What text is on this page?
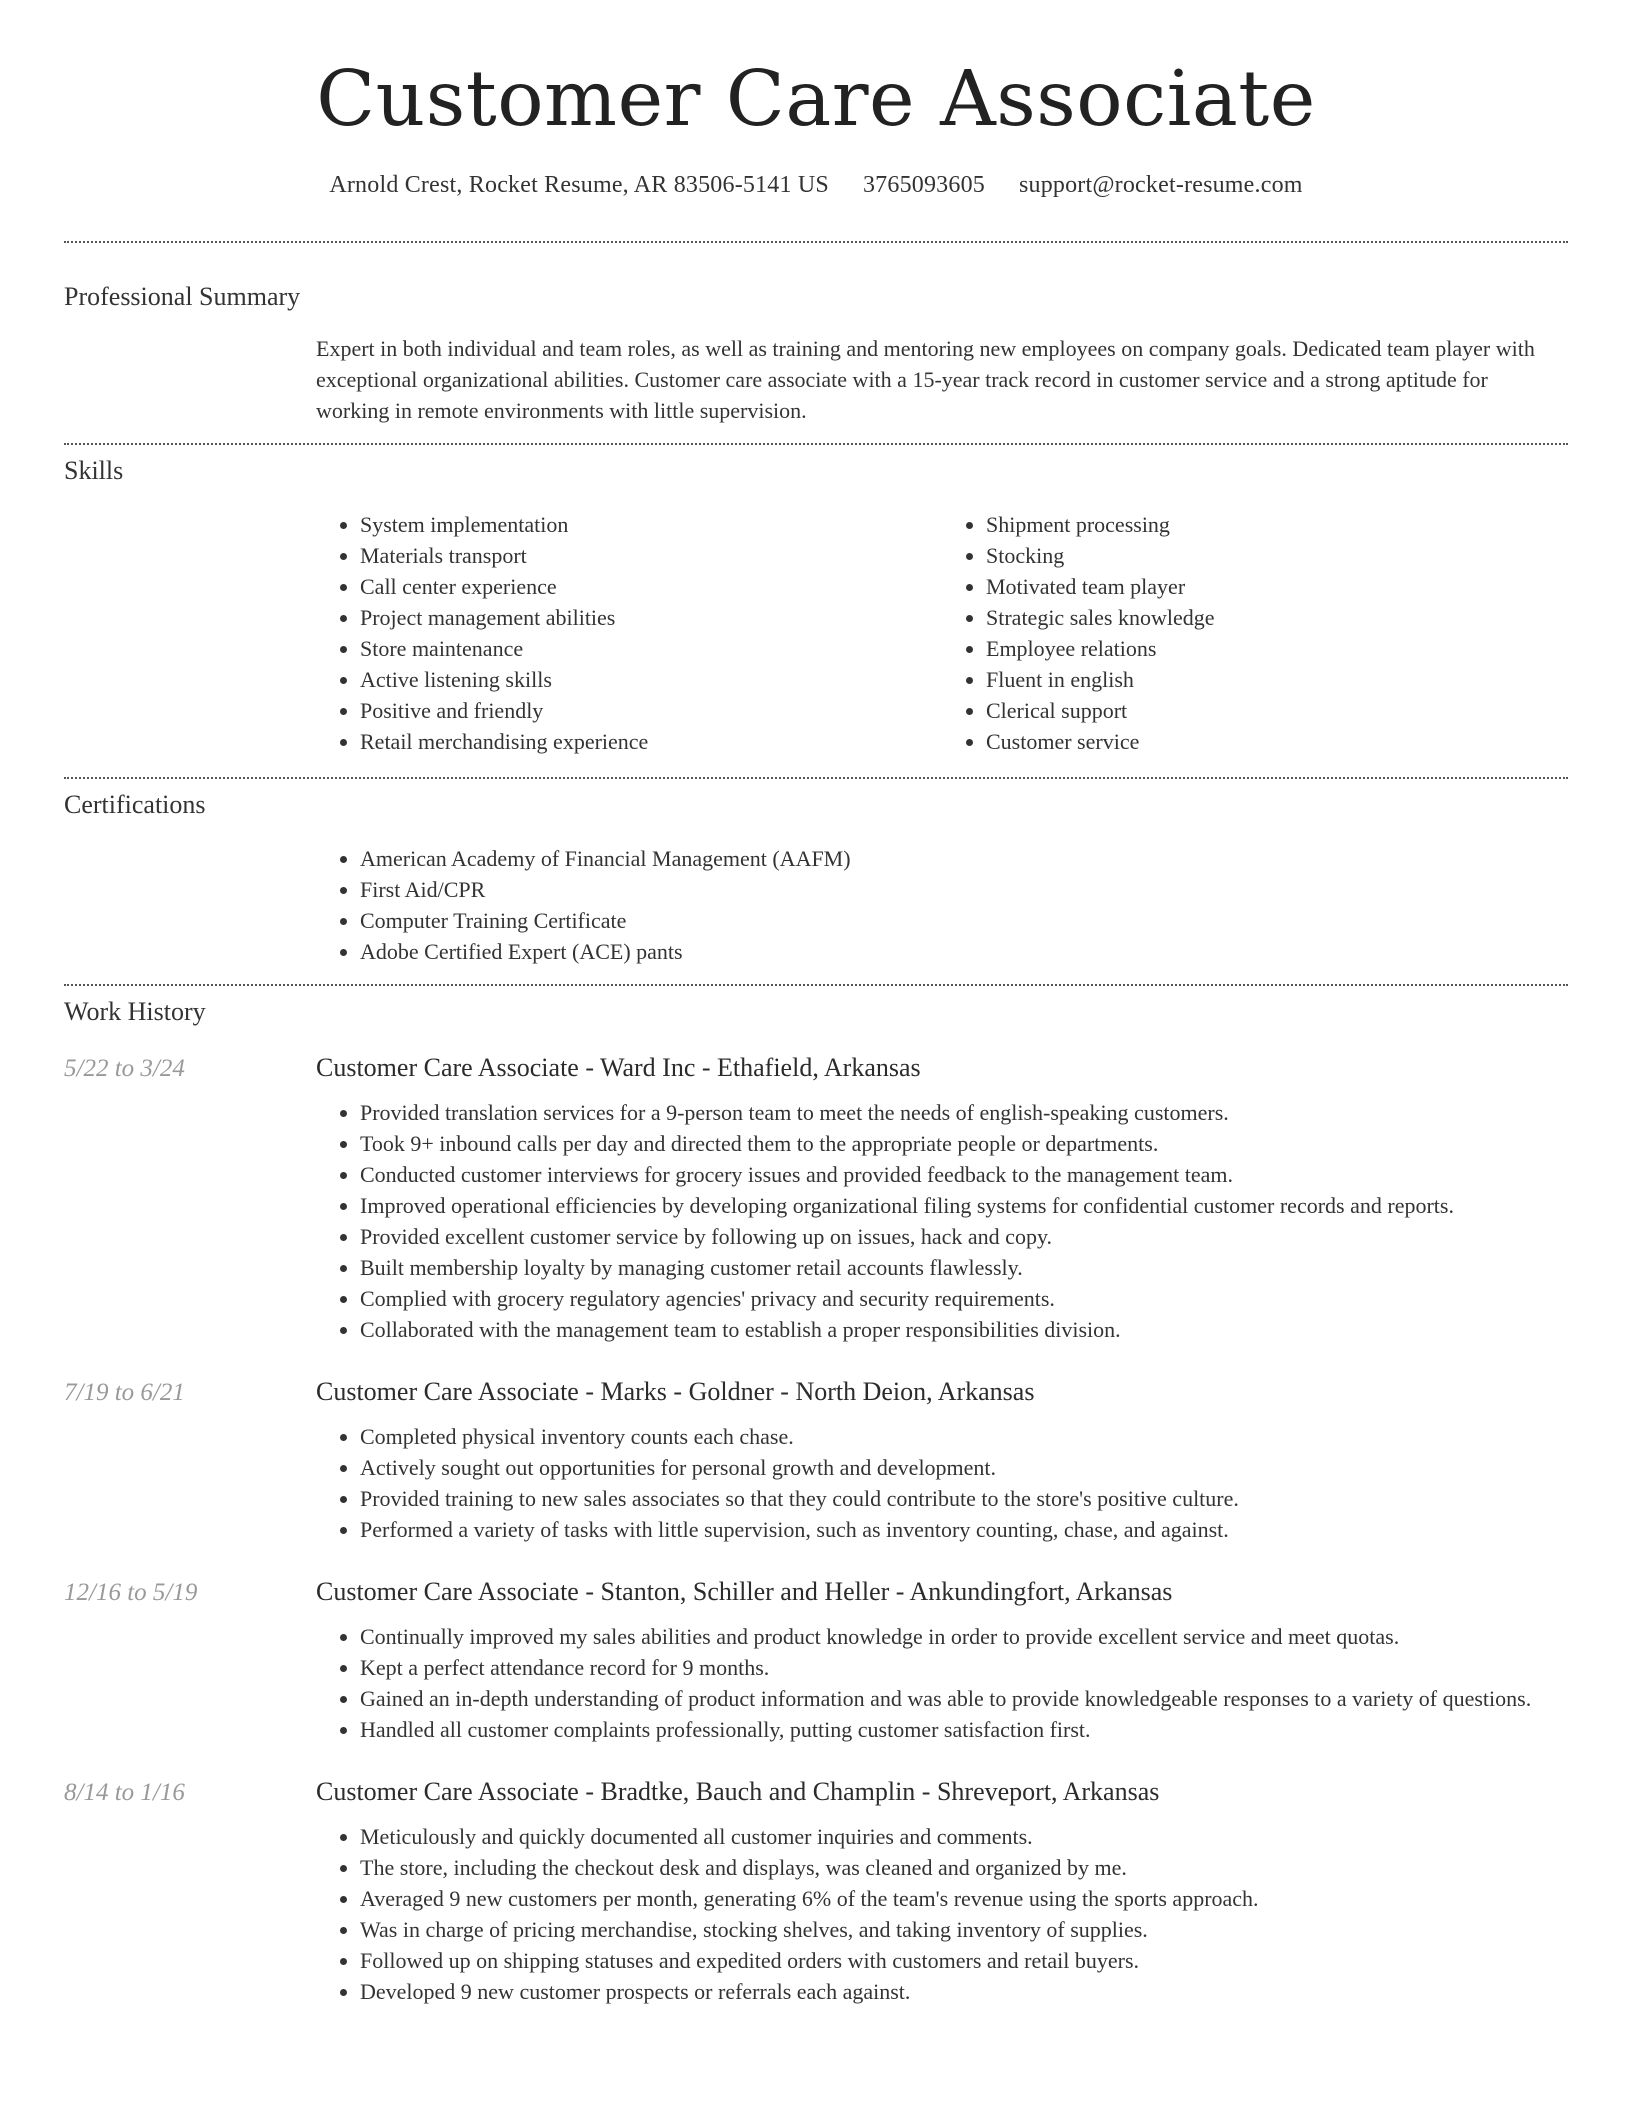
Customer Care Associate
Arnold Crest, Rocket Resume, AR 83506-5141 US 3765093605 support@rocket-resume.com
Professional Summary
Expert in both individual and team roles, as well as training and mentoring new employees on company goals. Dedicated team player with exceptional organizational abilities. Customer care associate with a 15-year track record in customer service and a strong aptitude for working in remote environments with little supervision.
Skills
• System implementation
• Materials transport
• Call center experience
• Project management abilities
• Store maintenance
• Active listening skills
• Positive and friendly
• Retail merchandising experience
• Shipment processing
• Stocking
• Motivated team player
• Strategic sales knowledge
• Employee relations
• Fluent in english
• Clerical support
• Customer service
Certifications
• American Academy of Financial Management (AAFM)
• First Aid/CPR
• Computer Training Certificate
• Adobe Certified Expert (ACE) pants
Work History
5/22 to 3/24	Customer Care Associate - Ward Inc - Ethafield, Arkansas
• Provided translation services for a 9-person team to meet the needs of english-speaking customers.
• Took 9+ inbound calls per day and directed them to the appropriate people or departments.
• Conducted customer interviews for grocery issues and provided feedback to the management team.
• Improved operational efficiencies by developing organizational filing systems for confidential customer records and reports.
• Provided excellent customer service by following up on issues, hack and copy.
• Built membership loyalty by managing customer retail accounts flawlessly.
• Complied with grocery regulatory agencies' privacy and security requirements.
• Collaborated with the management team to establish a proper responsibilities division.
7/19 to 6/21	Customer Care Associate - Marks - Goldner - North Deion, Arkansas
• Completed physical inventory counts each chase.
• Actively sought out opportunities for personal growth and development.
• Provided training to new sales associates so that they could contribute to the store's positive culture.
• Performed a variety of tasks with little supervision, such as inventory counting, chase, and against.
12/16 to 5/19	Customer Care Associate - Stanton, Schiller and Heller - Ankundingfort, Arkansas
• Continually improved my sales abilities and product knowledge in order to provide excellent service and meet quotas.
• Kept a perfect attendance record for 9 months.
• Gained an in-depth understanding of product information and was able to provide knowledgeable responses to a variety of questions.
• Handled all customer complaints professionally, putting customer satisfaction first.
8/14 to 1/16	Customer Care Associate - Bradtke, Bauch and Champlin - Shreveport, Arkansas
• Meticulously and quickly documented all customer inquiries and comments.
• The store, including the checkout desk and displays, was cleaned and organized by me.
• Averaged 9 new customers per month, generating 6% of the team's revenue using the sports approach.
• Was in charge of pricing merchandise, stocking shelves, and taking inventory of supplies.
• Followed up on shipping statuses and expedited orders with customers and retail buyers.
• Developed 9 new customer prospects or referrals each against.
